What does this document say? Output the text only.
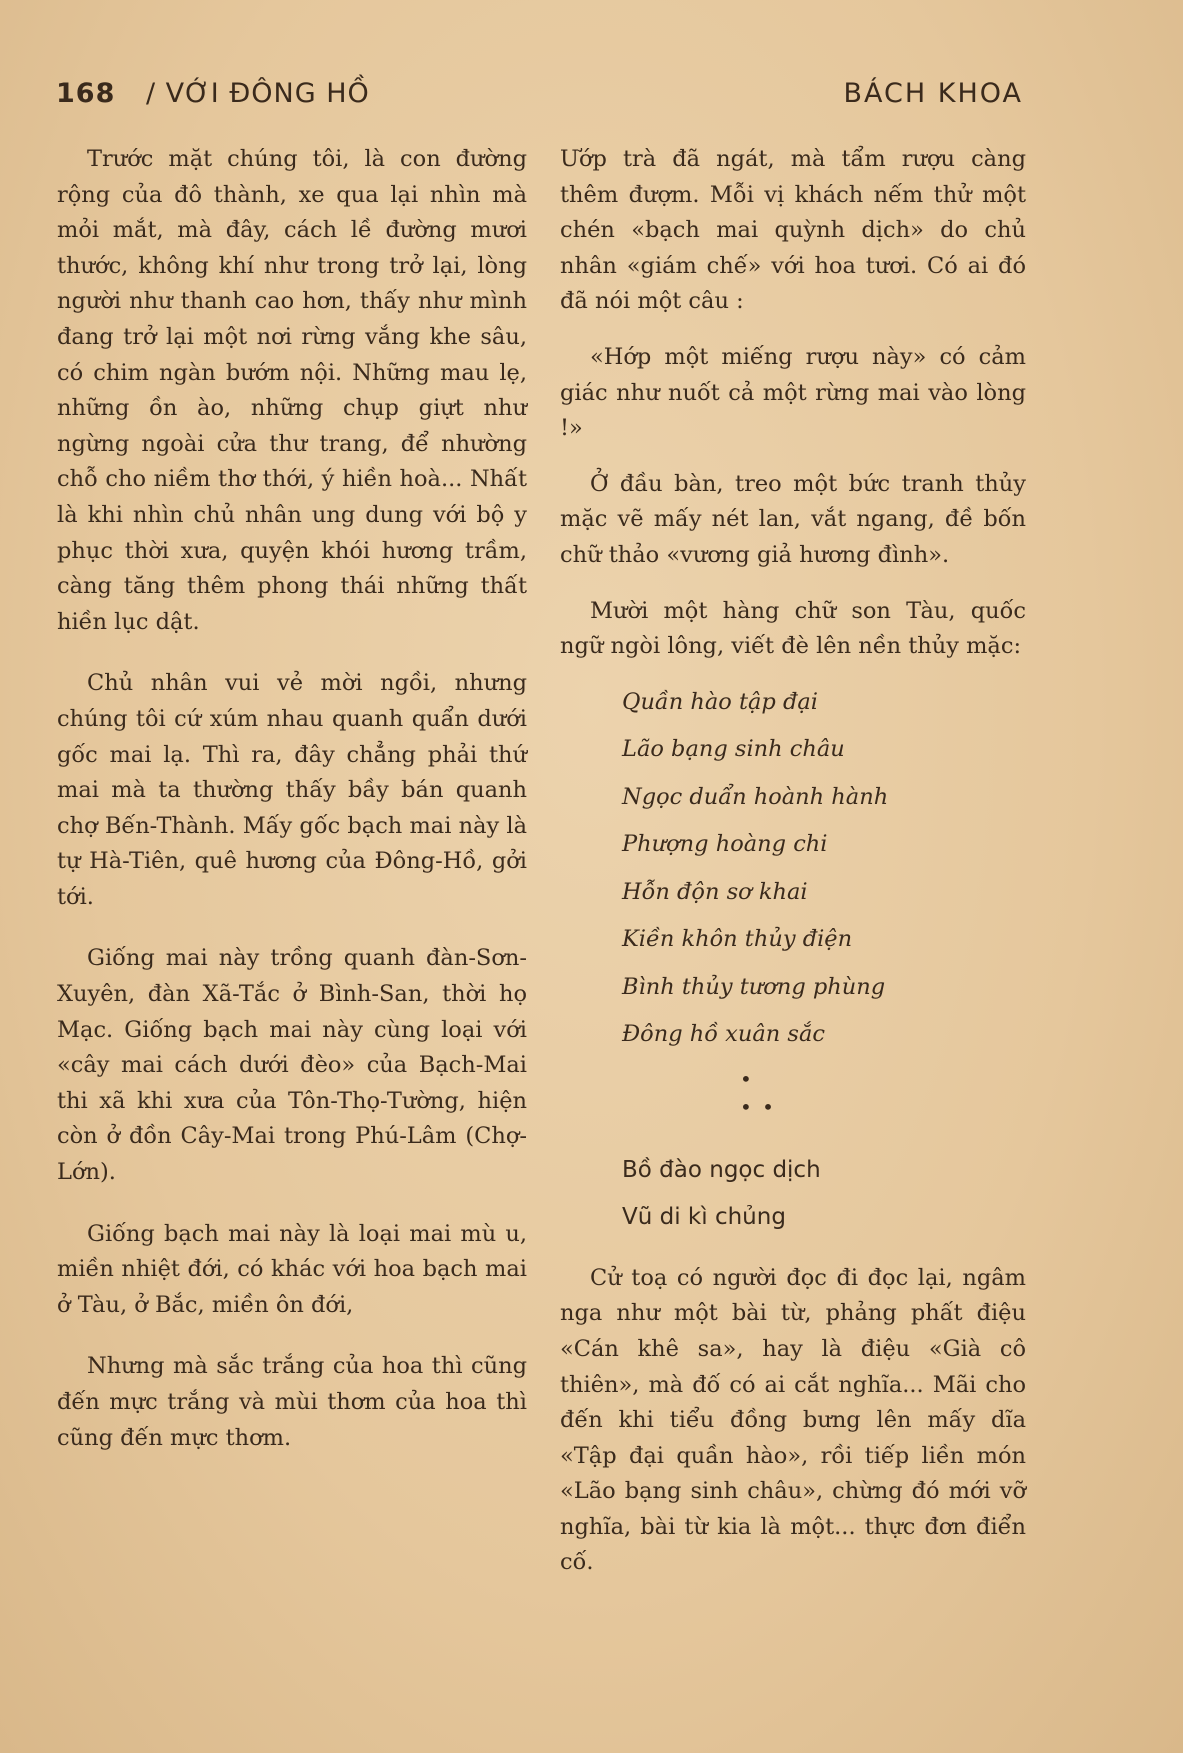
168 / VỚI ĐÔNG HỒ	BÁCH KHOA

Trước mặt chúng tôi, là con đường rộng của đô thành, xe qua lại nhìn mà mỏi mắt, mà đây, cách lề đường mươi thước, không khí như trong trở lại, lòng người như thanh cao hơn, thấy như mình đang trở lại một nơi rừng vắng khe sâu, có chim ngàn bướm nội. Những mau lẹ, những ồn ào, những chụp giựt như ngừng ngoài cửa thư trang, để nhường chỗ cho niềm thơ thới, ý hiền hoà... Nhất là khi nhìn chủ nhân ung dung với bộ y phục thời xưa, quyện khói hương trầm, càng tăng thêm phong thái những thất hiền lục dật.

Chủ nhân vui vẻ mời ngồi, nhưng chúng tôi cứ xúm nhau quanh quẩn dưới gốc mai lạ. Thì ra, đây chẳng phải thứ mai mà ta thường thấy bầy bán quanh chợ Bến-Thành. Mấy gốc bạch mai này là tự Hà-Tiên, quê hương của Đông-Hồ, gởi tới.

Giống mai này trồng quanh đàn-Sơn-Xuyên, đàn Xã-Tắc ở Bình-San, thời họ Mạc. Giống bạch mai này cùng loại với «cây mai cách dưới đèo» của Bạch-Mai thi xã khi xưa của Tôn-Thọ-Tường, hiện còn ở đồn Cây-Mai trong Phú-Lâm (Chợ-Lớn).

Giống bạch mai này là loại mai mù u, miền nhiệt đới, có khác với hoa bạch mai ở Tàu, ở Bắc, miền ôn đới,

Nhưng mà sắc trắng của hoa thì cũng đến mực trắng và mùi thơm của hoa thì cũng đến mực thơm.

Ướp trà đã ngát, mà tẩm rượu càng thêm đượm. Mỗi vị khách nếm thử một chén «bạch mai quỳnh dịch» do chủ nhân «giám chế» với hoa tươi. Có ai đó đã nói một câu :

«Hớp một miếng rượu này» có cảm giác như nuốt cả một rừng mai vào lòng !»

Ở đầu bàn, treo một bức tranh thủy mặc vẽ mấy nét lan, vắt ngang, đề bốn chữ thảo «vương giả hương đình».

Mười một hàng chữ son Tàu, quốc ngữ ngòi lông, viết đè lên nền thủy mặc:

Quần hào tập đại
Lão bạng sinh châu
Ngọc duẩn hoành hành
Phượng hoàng chi
Hỗn độn sơ khai
Kiền khôn thủy điện
Bình thủy tương phùng
Đông hồ xuân sắc
•
• •
Bồ đào ngọc dịch
Vũ di kì chủng

Cử toạ có người đọc đi đọc lại, ngâm nga như một bài từ, phảng phất điệu «Cán khê sa», hay là điệu «Già cô thiên», mà đố có ai cắt nghĩa... Mãi cho đến khi tiểu đồng bưng lên mấy dĩa «Tập đại quần hào», rồi tiếp liền món «Lão bạng sinh châu», chừng đó mới vỡ nghĩa, bài từ kia là một... thực đơn điển cố.
